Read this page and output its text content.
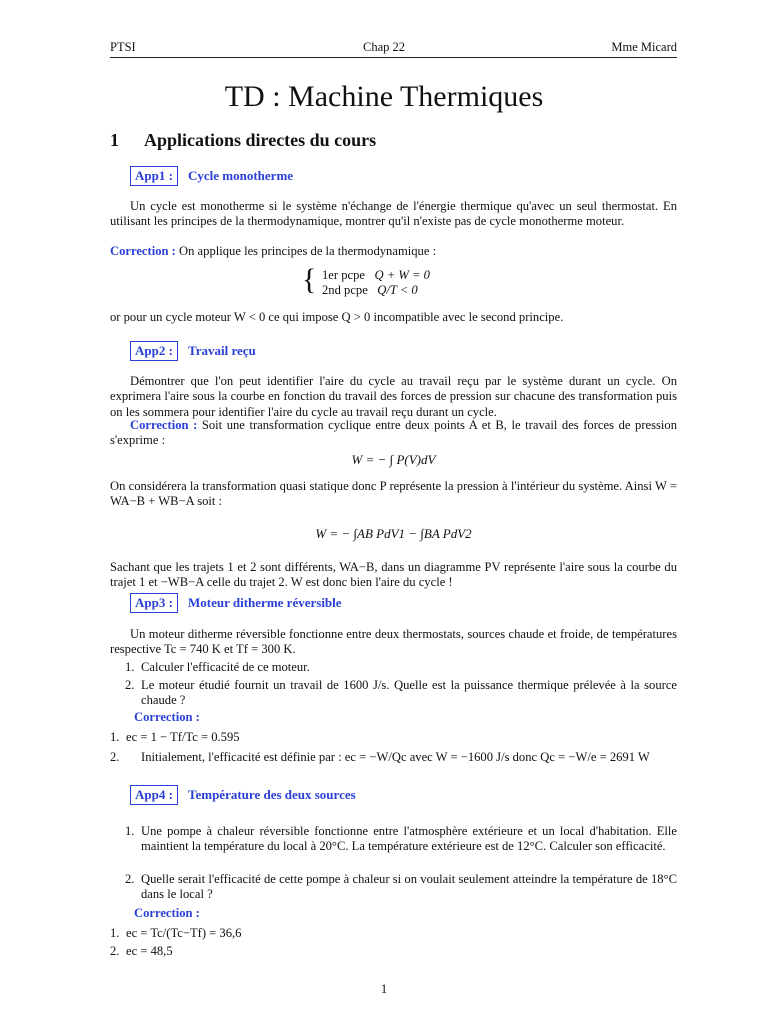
PTSI	Chap 22	Mme Micard
TD : Machine Thermiques
1 Applications directes du cours
App1 :	Cycle monotherme
Un cycle est monotherme si le système n'échange de l'énergie thermique qu'avec un seul thermostat. En utilisant les principes de la thermodynamique, montrer qu'il n'existe pas de cycle monotherme moteur.
Correction : On applique les principes de la thermodynamique :
{ 1er pcpe Q + W = 0
2nd pcpe Q/T < 0
or pour un cycle moteur W < 0 ce qui impose Q > 0 incompatible avec le second principe.
App2 :	Travail reçu
Démontrer que l'on peut identifier l'aire du cycle au travail reçu par le système durant un cycle. On exprimera l'aire sous la courbe en fonction du travail des forces de pression sur chacune des transformation puis on les sommera pour identifier l'aire du cycle au travail reçu durant un cycle.
Correction : Soit une transformation cyclique entre deux points A et B, le travail des forces de pression s'exprime :
W = − ∫ P(V)dV
On considérera la transformation quasi statique donc P représente la pression à l'intérieur du système. Ainsi W = WA−B + WB−A soit :
W = − ∫AB PdV1 − ∫BA PdV2
Sachant que les trajets 1 et 2 sont différents, WA−B, dans un diagramme PV représente l'aire sous la courbe du trajet 1 et −WB−A celle du trajet 2. W est donc bien l'aire du cycle !
App3 :	Moteur ditherme réversible
Un moteur ditherme réversible fonctionne entre deux thermostats, sources chaude et froide, de températures respective Tc = 740 K et Tf = 300 K.
1. Calculer l'efficacité de ce moteur.
2. Le moteur étudié fournit un travail de 1600 J/s. Quelle est la puissance thermique prélevée à la source chaude ?
Correction :
1. ec = 1 − Tf/Tc = 0.595
2. Initialement, l'efficacité est définie par : ec = −W/Qc avec W = −1600 J/s donc Qc = −W/e = 2691 W
App4 :	Température des deux sources
1. Une pompe à chaleur réversible fonctionne entre l'atmosphère extérieure et un local d'habitation. Elle maintient la température du local à 20°C. La température extérieure est de 12°C. Calculer son efficacité.
2. Quelle serait l'efficacité de cette pompe à chaleur si on voulait seulement atteindre la température de 18°C dans le local ?
Correction :
1. ec = Tc/(Tc−Tf) = 36,6
2. ec = 48,5
1
